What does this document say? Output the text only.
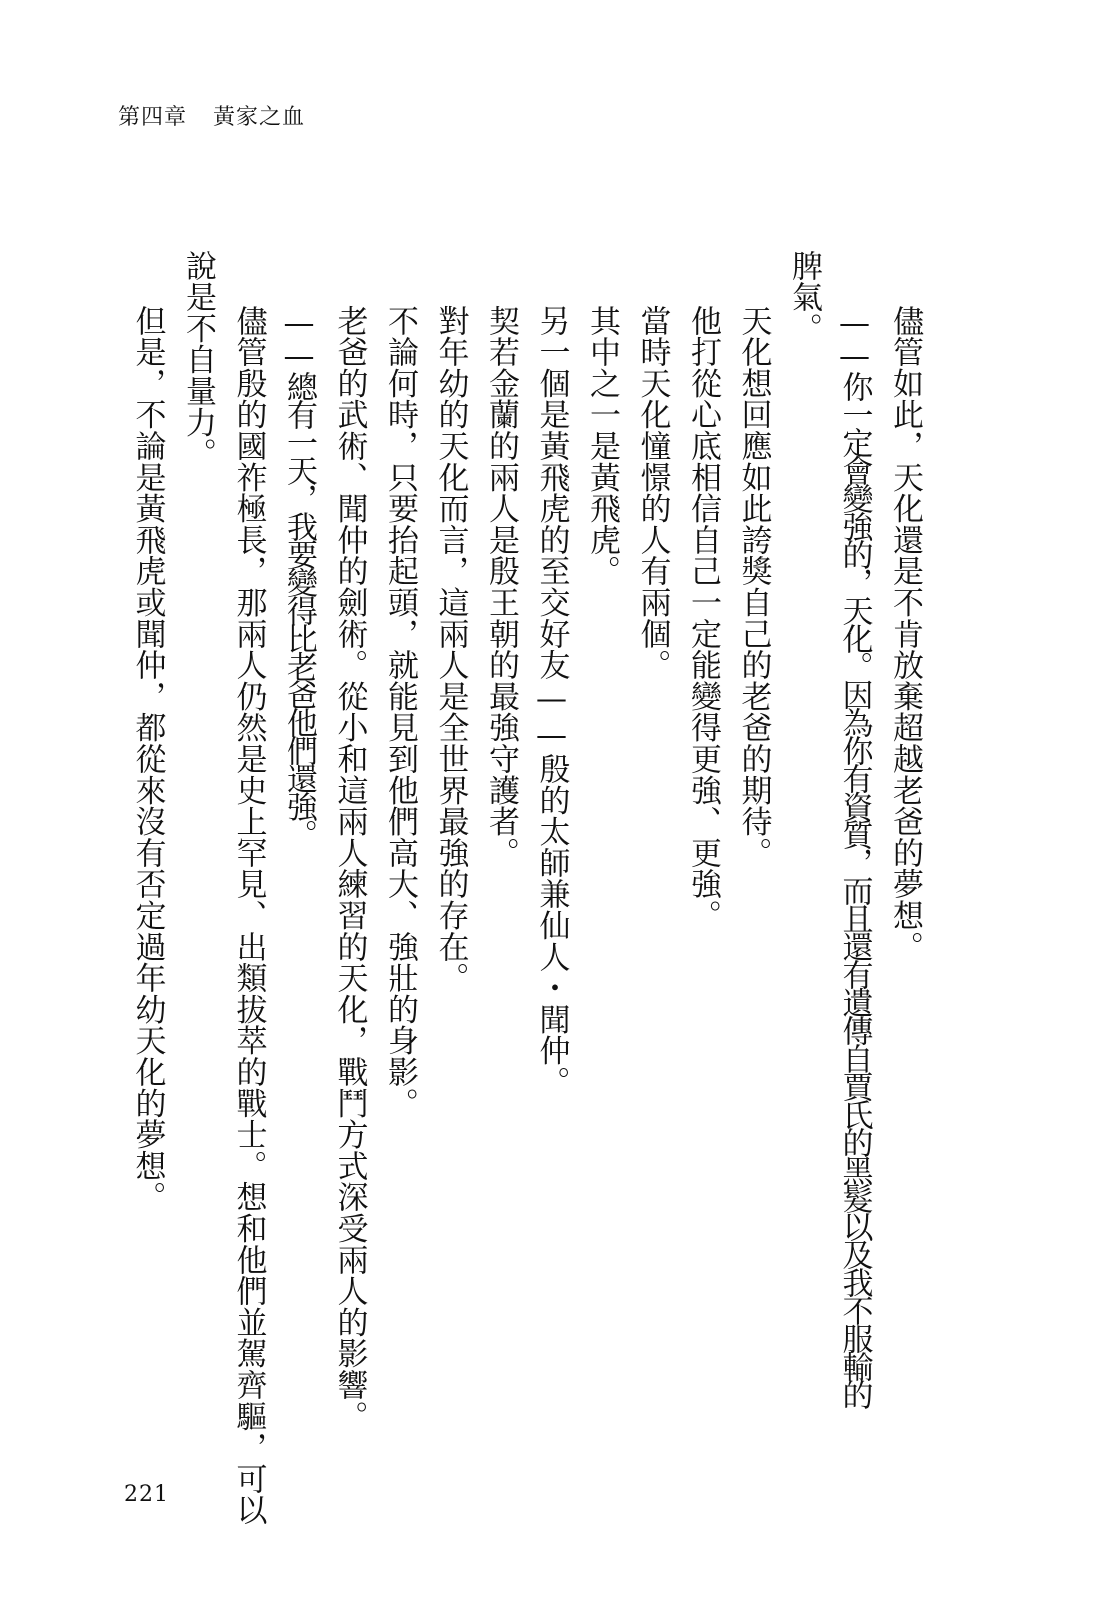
第四章 黃家之血
儘管如此，天化還是不肯放棄超越老爸的夢想。
——你一定會變強的，天化。因為你有資質，而且還有遺傳自賈氏的黑髮以及我不服輸的
脾氣。
天化想回應如此誇獎自己的老爸的期待。
他打從心底相信自己一定能變得更強、更強。
當時天化憧憬的人有兩個。
其中之一是黃飛虎。
另一個是黃飛虎的至交好友——殷的太師兼仙人・聞仲。
契若金蘭的兩人是殷王朝的最強守護者。
對年幼的天化而言，這兩人是全世界最強的存在。
不論何時，只要抬起頭，就能見到他們高大、強壯的身影。
老爸的武術、聞仲的劍術。從小和這兩人練習的天化，戰鬥方式深受兩人的影響。
——總有一天，我要變得比老爸他們還強。
儘管殷的國祚極長，那兩人仍然是史上罕見、出類拔萃的戰士。想和他們並駕齊驅，可以
說是不自量力。
但是，不論是黃飛虎或聞仲，都從來沒有否定過年幼天化的夢想。
221
